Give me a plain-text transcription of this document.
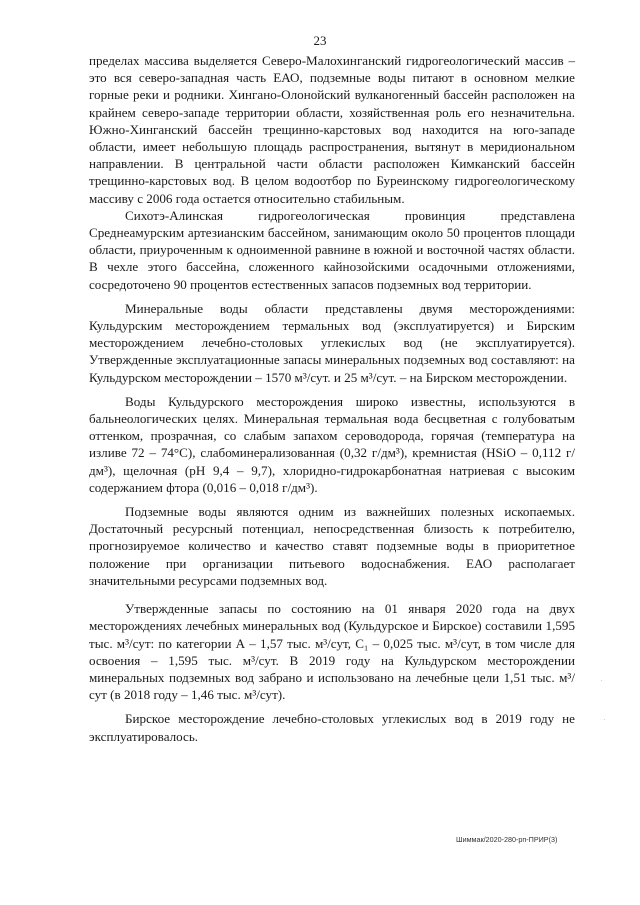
23

пределах массива выделяется Северо-Малохинганский гидрогеологический массив – это вся северо-западная часть ЕАО, подземные воды питают в основном мелкие горные реки и родники. Хингано-Олонойский вулканогенный бассейн расположен на крайнем северо-западе территории области, хозяйственная роль его незначительна. Южно-Хинганский бассейн трещинно-карстовых вод находится на юго-западе области, имеет небольшую площадь распространения, вытянут в меридиональном направлении. В центральной части области расположен Кимканский бассейн трещинно-карстовых вод. В целом водоотбор по Буреинскому гидрогеологическому массиву с 2006 года остается относительно стабильным.

Сихотэ-Алинская гидрогеологическая провинция представлена Среднеамурским артезианским бассейном, занимающим около 50 процентов площади области, приуроченным к одноименной равнине в южной и восточной частях области. В чехле этого бассейна, сложенного кайнозойскими осадочными отложениями, сосредоточено 90 процентов естественных запасов подземных вод территории.

Минеральные воды области представлены двумя месторождениями: Кульдурским месторождением термальных вод (эксплуатируется) и Бирским месторождением лечебно-столовых углекислых вод (не эксплуатируется). Утвержденные эксплуатационные запасы минеральных подземных вод составляют: на Кульдурском месторождении – 1570 м³/сут. и 25 м³/сут. – на Бирском месторождении.

Воды Кульдурского месторождения широко известны, используются в бальнеологических целях. Минеральная термальная вода бесцветная с голубоватым оттенком, прозрачная, со слабым запахом сероводорода, горячая (температура на изливе 72 – 74°С), слабоминерализованная (0,32 г/дм³), кремнистая (HSiO – 0,112 г/дм³), щелочная (pH 9,4 – 9,7), хлоридно-гидрокарбонатная натриевая с высоким содержанием фтора (0,016 – 0,018 г/дм³).

Подземные воды являются одним из важнейших полезных ископаемых. Достаточный ресурсный потенциал, непосредственная близость к потребителю, прогнозируемое количество и качество ставят подземные воды в приоритетное положение при организации питьевого водоснабжения. ЕАО располагает значительными ресурсами подземных вод.

Утвержденные запасы по состоянию на 01 января 2020 года на двух месторождениях лечебных минеральных вод (Кульдурское и Бирское) составили 1,595 тыс. м³/сут: по категории А – 1,57 тыс. м³/сут, C₁ – 0,025 тыс. м³/сут, в том числе для освоения – 1,595 тыс. м³/сут. В 2019 году на Кульдурском месторождении минеральных подземных вод забрано и использовано на лечебные цели 1,51 тыс. м³/сут (в 2018 году – 1,46 тыс. м³/сут).

Бирское месторождение лечебно-столовых углекислых вод в 2019 году не эксплуатировалось.

Шиммак/2020-280-рп-ПРИР(3)
·
·
